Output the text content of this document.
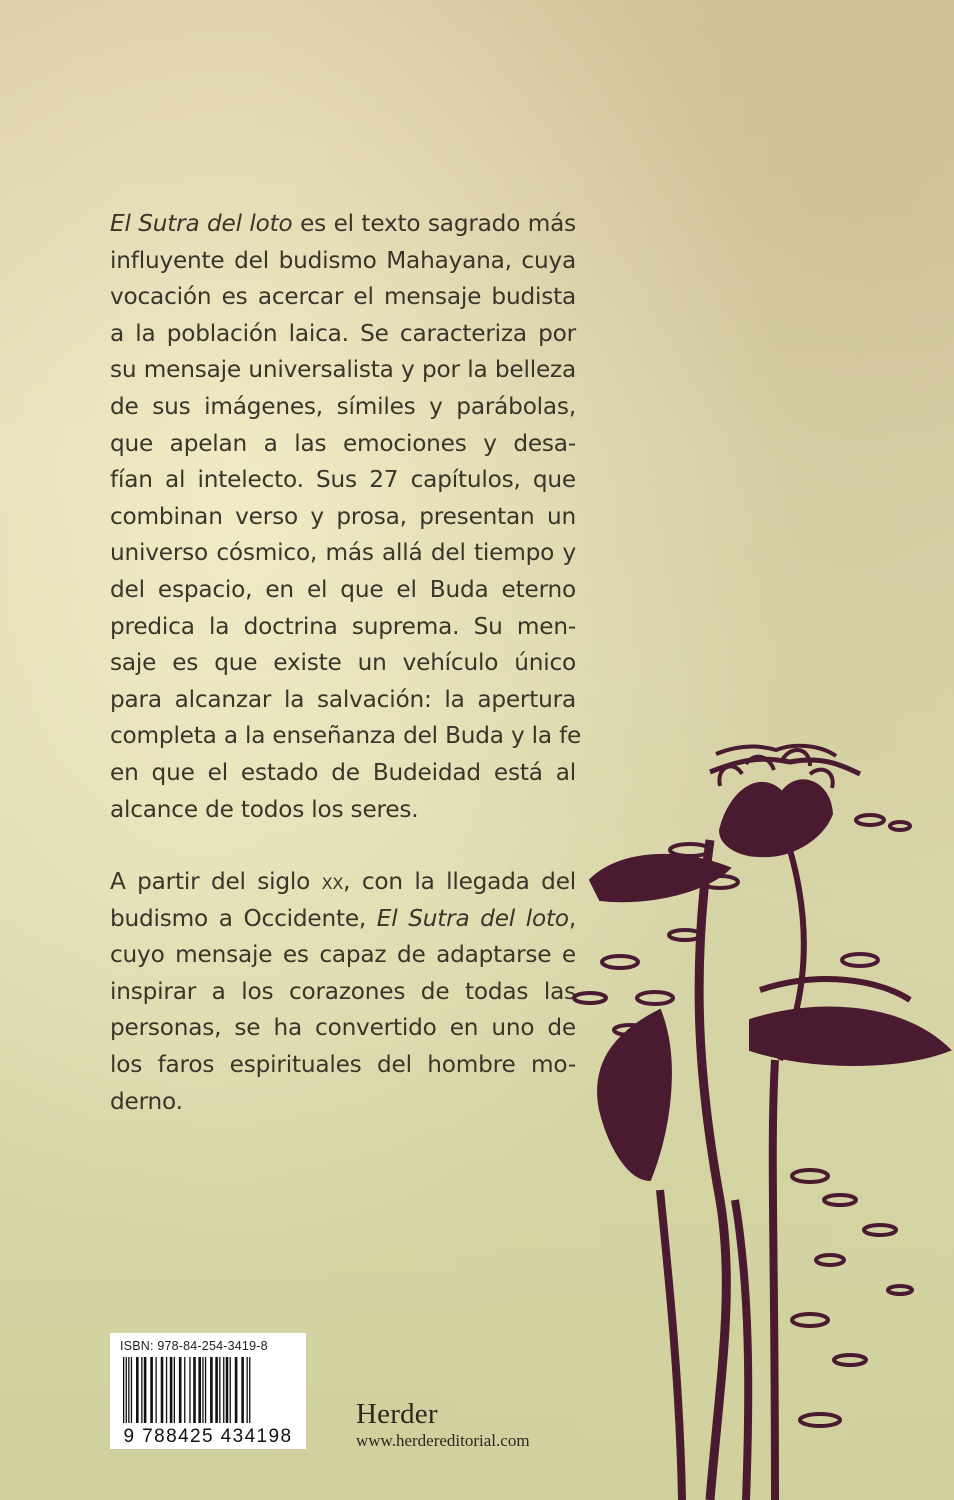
El Sutra del loto es el texto sagrado más
influyente del budismo Mahayana, cuya
vocación es acercar el mensaje budista
a la población laica. Se caracteriza por
su mensaje universalista y por la belleza
de sus imágenes, símiles y parábolas,
que apelan a las emociones y desa-
fían al intelecto. Sus 27 capítulos, que
combinan verso y prosa, presentan un
universo cósmico, más allá del tiempo y
del espacio, en el que el Buda eterno
predica la doctrina suprema. Su men-
saje es que existe un vehículo único
para alcanzar la salvación: la apertura
completa a la enseñanza del Buda y la fe
en que el estado de Budeidad está al
alcance de todos los seres.

A partir del siglo xx, con la llegada del
budismo a Occidente, El Sutra del loto,
cuyo mensaje es capaz de adaptarse e
inspirar a los corazones de todas las
personas, se ha convertido en uno de
los faros espirituales del hombre mo-
derno.

ISBN: 978-84-254-3419-8
9 788425 434198
Herder
www.herdereditorial.com
